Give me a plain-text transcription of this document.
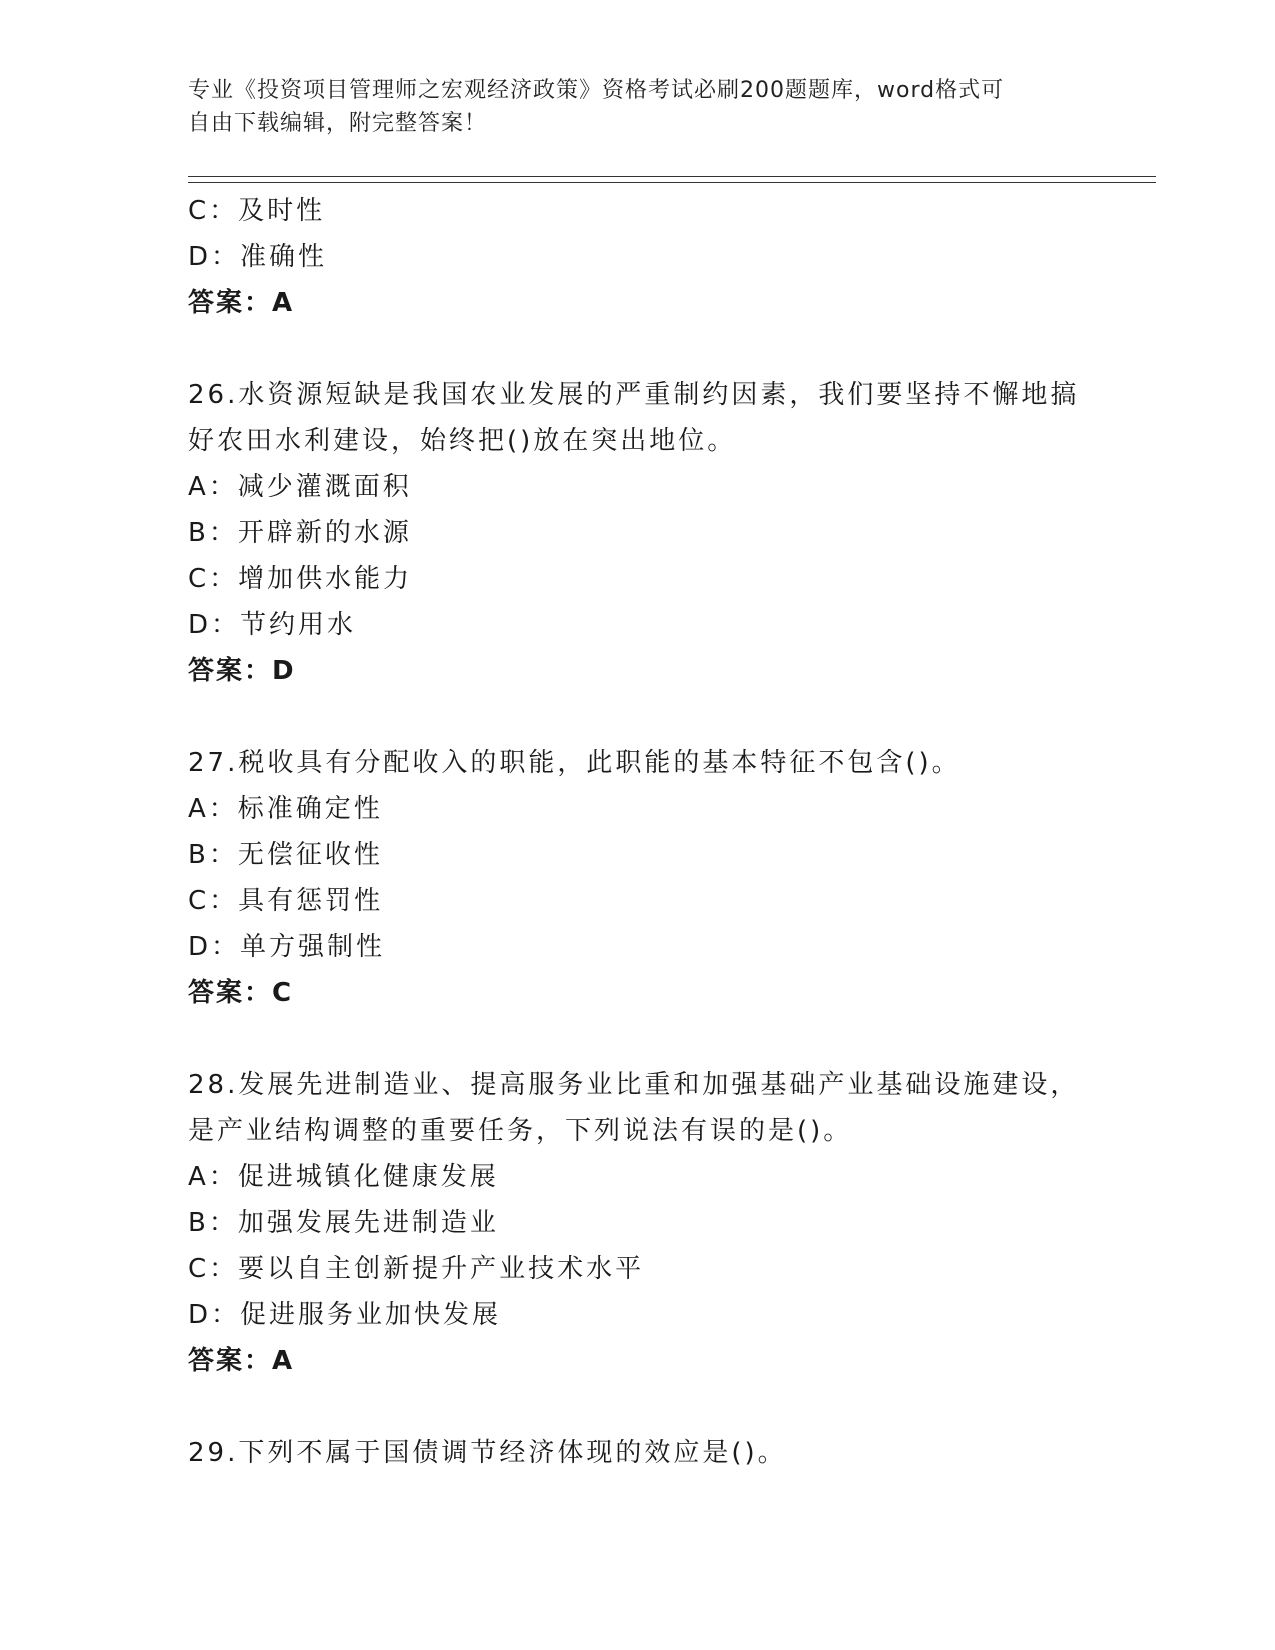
专业《投资项目管理师之宏观经济政策》资格考试必刷200题题库，word格式可
自由下载编辑，附完整答案！
C：及时性
D：准确性
答案：A
26.水资源短缺是我国农业发展的严重制约因素，我们要坚持不懈地搞
好农田水利建设，始终把()放在突出地位。
A：减少灌溉面积
B：开辟新的水源
C：增加供水能力
D：节约用水
答案：D
27.税收具有分配收入的职能，此职能的基本特征不包含()。
A：标准确定性
B：无偿征收性
C：具有惩罚性
D：单方强制性
答案：C
28.发展先进制造业、提高服务业比重和加强基础产业基础设施建设，
是产业结构调整的重要任务，下列说法有误的是()。
A：促进城镇化健康发展
B：加强发展先进制造业
C：要以自主创新提升产业技术水平
D：促进服务业加快发展
答案：A
29.下列不属于国债调节经济体现的效应是()。
